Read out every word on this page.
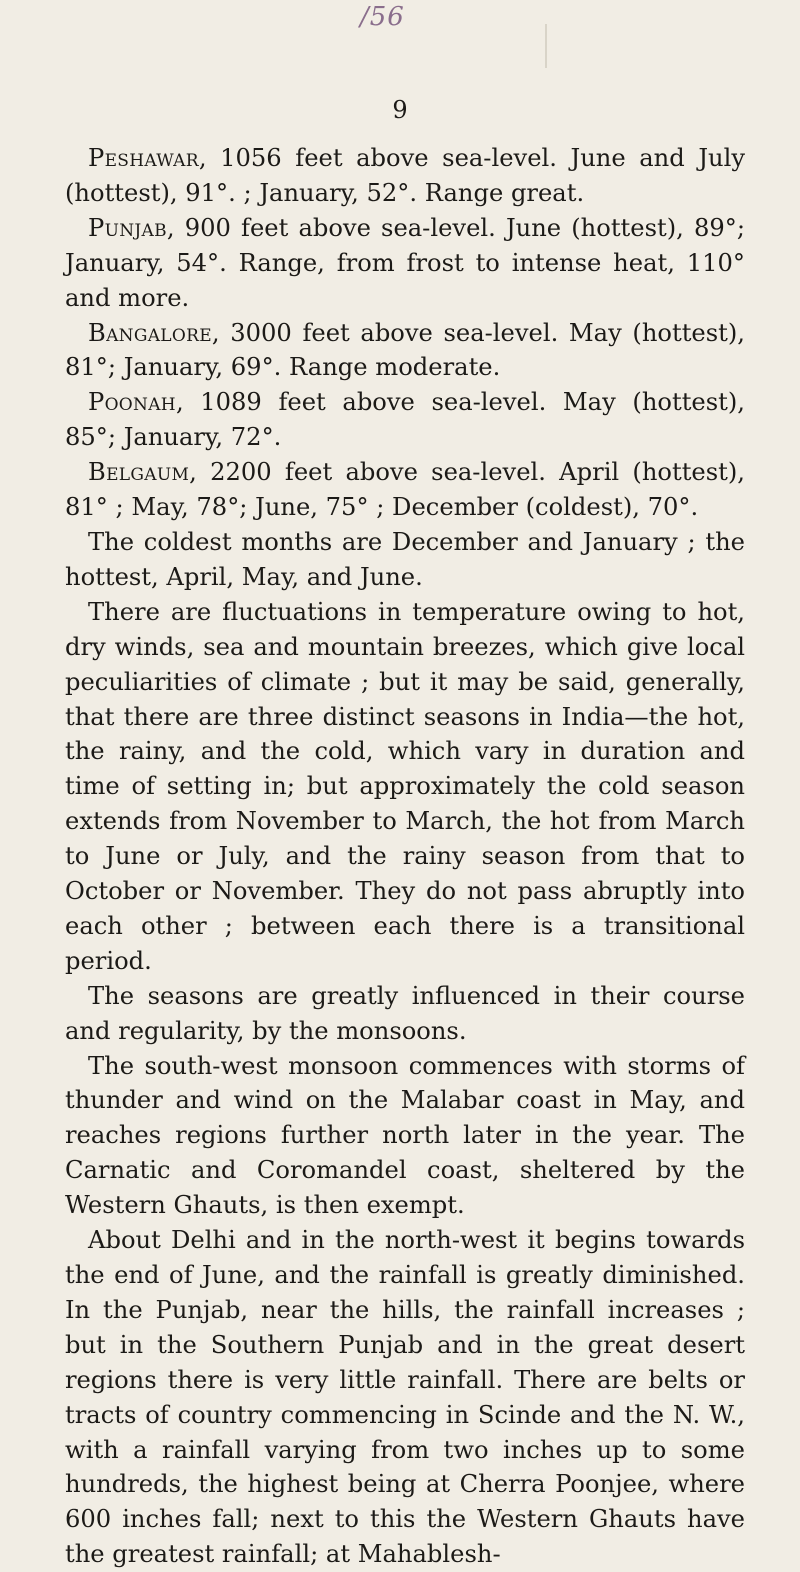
/56
9

Peshawar, 1056 feet above sea-level. June and July (hottest), 91°. ; January, 52°. Range great.

Punjab, 900 feet above sea-level. June (hottest), 89°; January, 54°. Range, from frost to intense heat, 110° and more.

Bangalore, 3000 feet above sea-level. May (hottest), 81°; January, 69°. Range moderate.

Poonah, 1089 feet above sea-level. May (hottest), 85°; January, 72°.

Belgaum, 2200 feet above sea-level. April (hottest), 81° ; May, 78°; June, 75° ; December (coldest), 70°.

The coldest months are December and January ; the hottest, April, May, and June.

There are fluctuations in temperature owing to hot, dry winds, sea and mountain breezes, which give local peculiarities of climate ; but it may be said, generally, that there are three distinct seasons in India—the hot, the rainy, and the cold, which vary in duration and time of setting in; but approximately the cold season extends from November to March, the hot from March to June or July, and the rainy season from that to October or November. They do not pass abruptly into each other ; between each there is a transitional period.

The seasons are greatly influenced in their course and regularity, by the monsoons.

The south-west monsoon commences with storms of thunder and wind on the Malabar coast in May, and reaches regions further north later in the year. The Carnatic and Coromandel coast, sheltered by the Western Ghauts, is then exempt.

About Delhi and in the north-west it begins towards the end of June, and the rainfall is greatly diminished. In the Punjab, near the hills, the rainfall increases ; but in the Southern Punjab and in the great desert regions there is very little rainfall. There are belts or tracts of country commencing in Scinde and the N. W., with a rainfall varying from two inches up to some hundreds, the highest being at Cherra Poonjee, where 600 inches fall; next to this the Western Ghauts have the greatest rainfall; at Mahablesh-
